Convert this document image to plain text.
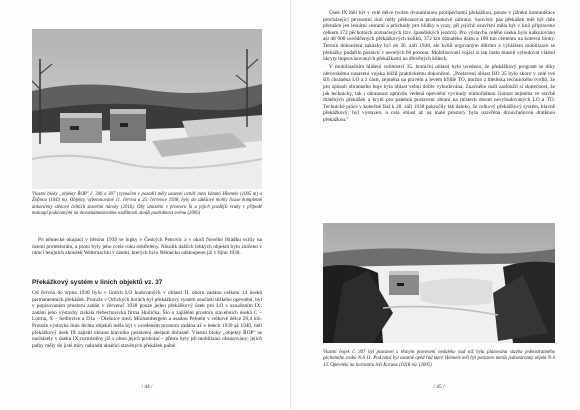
Vlastní bloky „objekty ŘOP" č. 306 a 307 (vyznačen v pozadí) měly usazení uvnitř mezi kótami Hlemele (1005 m) a Žofínou (1043 m). Objekty, vybetonované 11. června a 25. července 1938, byly do zátěžové mohly licase kompletně dokončeny stěnové čelních stavební nároky (2016). Oby umístění v prostoru hi a jejich pozdější vraky v přípodě maloupl podávanými na dovoznámotovníme ozdělnosti ulouží podrobnost svému (2005)

Po německé okupaci v březnu 1939 se lopky v Českých Petrovic a v okolí Nového Hrádku ocitly na území protektorátu, a proto byly jeho ccelé roku odstřeleny. Nikolik dalších lehkých objektů bylo zničeno v rámci lenijních zkoušek Wehrmachtu v území, kterých bylo Německu odstoupeno již v říjnu 1938.

Překážkový systém v linich objektů vz. 37

Od června do srpna 1938 bylo v liniích LO budovaných v oblasti II. oboru zadáno celkem 14 úseků permanentních překážek. Protože v Orlických horách byl překážkový systém součástí těžkého opevnění, byl v popisovaném prostoru zadán v červenci 1938 pouze jeden překážkový úsek pro LO s označením IX; zadání jeho výstavby získala třebechovická firma Hnilička. Šlo o zajištění prostoru stavebních úseků C – Lotrna, X – Sedlovice a D1a – Olešnice mezi Mückenbergem a osadou Pelnem v celkové délce 20,4 km. Protože výstavba linie těchto objektů měla být v uvedeném prostoru zadána až v letech 1939 až 1940, měl překážkový úsek IX zajistit obranu hlavního postavení alespoň dočasně. Vlastní bloky „objekty ŘOP" se nacházely v úseku IX rozmístěny již v obou jejich probrání – přesto byly při mobilizaci obsazovány; jejich palby měly do jisté míry nahradit absenci stavěných překážek palbě.

/ 44 /

Úsek IX měl být v celé délce tvořen dvouminnou protipěchotní překážkou, pouze v jižněm komunikace procházející pevnostní linii měly přehrazovat protitankové zábrany. Souvisly pás překážek měl být dále přerušen jen lesními cestami a průchody pro hlídky a vozy, při jejichž uzavření měla být v linii připraveno celkem 172 pěchotních zoznačených (tzv. španělských jezdců). Pro výstavbu celého úseku bylo kalkulováno asi 48 000 osvědčených překážkových kolíků, 372 km ostnatého drátu a 180 tun cementu na kotevní bloky. Termín dokončení zakázky byl do 30. září 1938, ale kvůli urgovaným důlrům a vyhlášení mobilizace se překážky podařilo postavit v necelých 60 procent. Mobilizovaní vojáci si tak často museli vybudovat vlastní úkryty improvizovaných překážkami na dřevěných kůlech.

V mobilizačním hlášení velitelství 35. hraniční oblasti bylo uvedeno, že překážkový program se díky obrovskému nasazení vojska blížil praktickému dokončení. „Postavení oblast HO 35 bylo skoro v celé své šíři chráněna LO a z části, zejména na pravém a levém křídle TO, možno z hlediska technického tvrditi, že pro způsob obranného boje byla oblast velmi dobře vybudována. Značného úsilí zasloužil si skutečnost, že jak technicky, tak i obrannost opravdu vedená opevnění vyvinuly mimořádnou činnost zejména ve stavbě drátěných překážek a krytů pro palebná postavení zbraní na místech dosud nevybudovaných LO a TO. Technické práce v konečné fází k 28. září 1938 pokročily tak daleko, že celkový překážkový systém, hlavně překážkový, byl vystaven, a celá oblast až na malé prostory byla uzavřena drouvřadovou drátěnou překážkou."

Vlastní bojek č. 307 byl postaven s těsným pronesení nedaleko nad níž byla plánována stavba jednostranného pěchotního srubu N-S 11. Pod nímž byl ostatně oped řad které Hlemele měl být postaven menší jednostranný objekt N-S 13. Opevnění na horizontu leží Korunu (1018 m). (2005)

/ 45 /
